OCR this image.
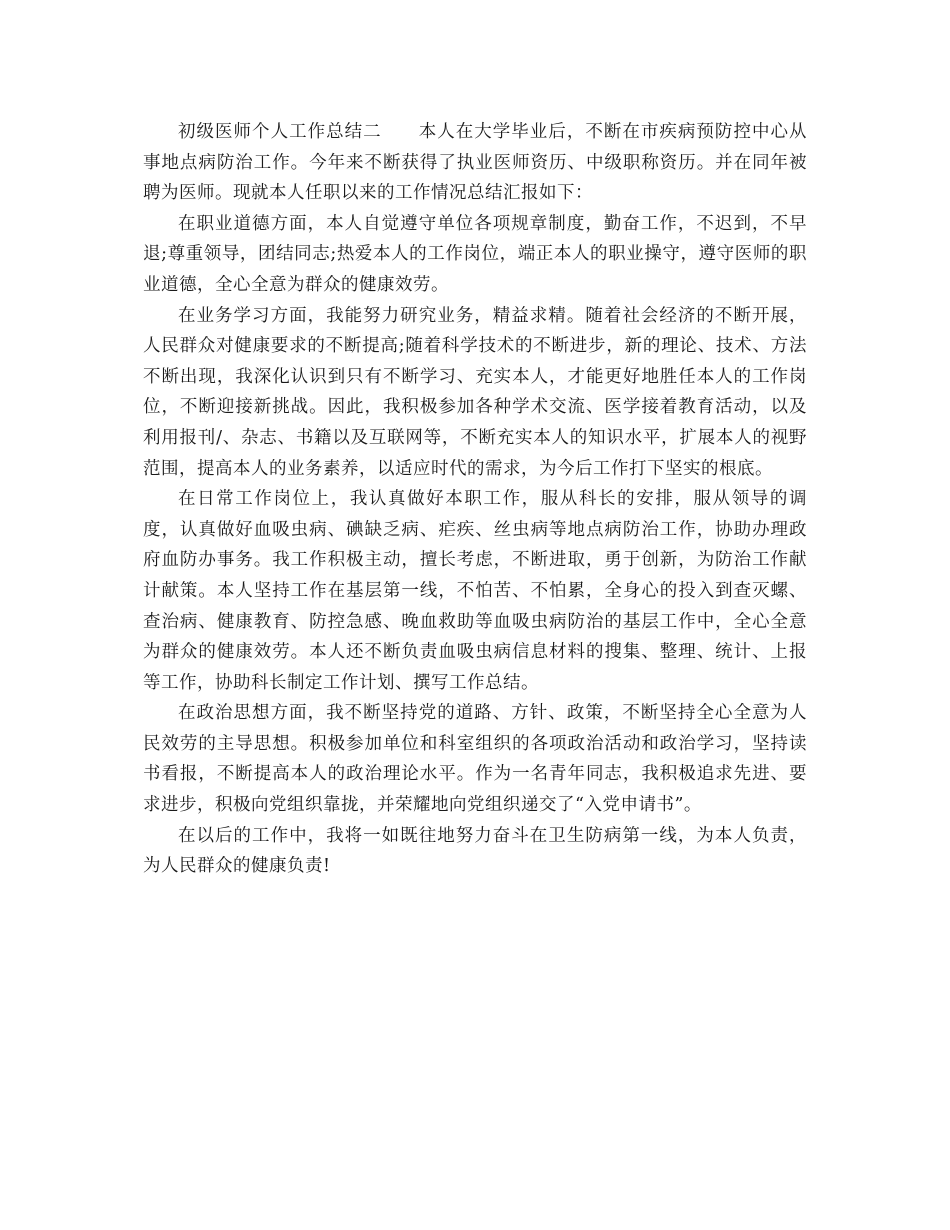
初级医师个人工作总结二　　本人在大学毕业后，不断在市疾病预防控中心从事地点病防治工作。今年来不断获得了执业医师资历、中级职称资历。并在同年被聘为医师。现就本人任职以来的工作情况总结汇报如下：

在职业道德方面，本人自觉遵守单位各项规章制度，勤奋工作，不迟到，不早退;尊重领导，团结同志;热爱本人的工作岗位，端正本人的职业操守，遵守医师的职业道德，全心全意为群众的健康效劳。

在业务学习方面，我能努力研究业务，精益求精。随着社会经济的不断开展，人民群众对健康要求的不断提高;随着科学技术的不断进步，新的理论、技术、方法不断出现，我深化认识到只有不断学习、充实本人，才能更好地胜任本人的工作岗位，不断迎接新挑战。因此，我积极参加各种学术交流、医学接着教育活动，以及利用报刊/、杂志、书籍以及互联网等，不断充实本人的知识水平，扩展本人的视野范围，提高本人的业务素养，以适应时代的需求，为今后工作打下坚实的根底。

在日常工作岗位上，我认真做好本职工作，服从科长的安排，服从领导的调度，认真做好血吸虫病、碘缺乏病、疟疾、丝虫病等地点病防治工作，协助办理政府血防办事务。我工作积极主动，擅长考虑，不断进取，勇于创新，为防治工作献计献策。本人坚持工作在基层第一线，不怕苦、不怕累，全身心的投入到查灭螺、查治病、健康教育、防控急感、晚血救助等血吸虫病防治的基层工作中，全心全意为群众的健康效劳。本人还不断负责血吸虫病信息材料的搜集、整理、统计、上报等工作，协助科长制定工作计划、撰写工作总结。

在政治思想方面，我不断坚持党的道路、方针、政策，不断坚持全心全意为人民效劳的主导思想。积极参加单位和科室组织的各项政治活动和政治学习，坚持读书看报，不断提高本人的政治理论水平。作为一名青年同志，我积极追求先进、要求进步，积极向党组织靠拢，并荣耀地向党组织递交了“入党申请书”。

在以后的工作中，我将一如既往地努力奋斗在卫生防病第一线，为本人负责，为人民群众的健康负责!
